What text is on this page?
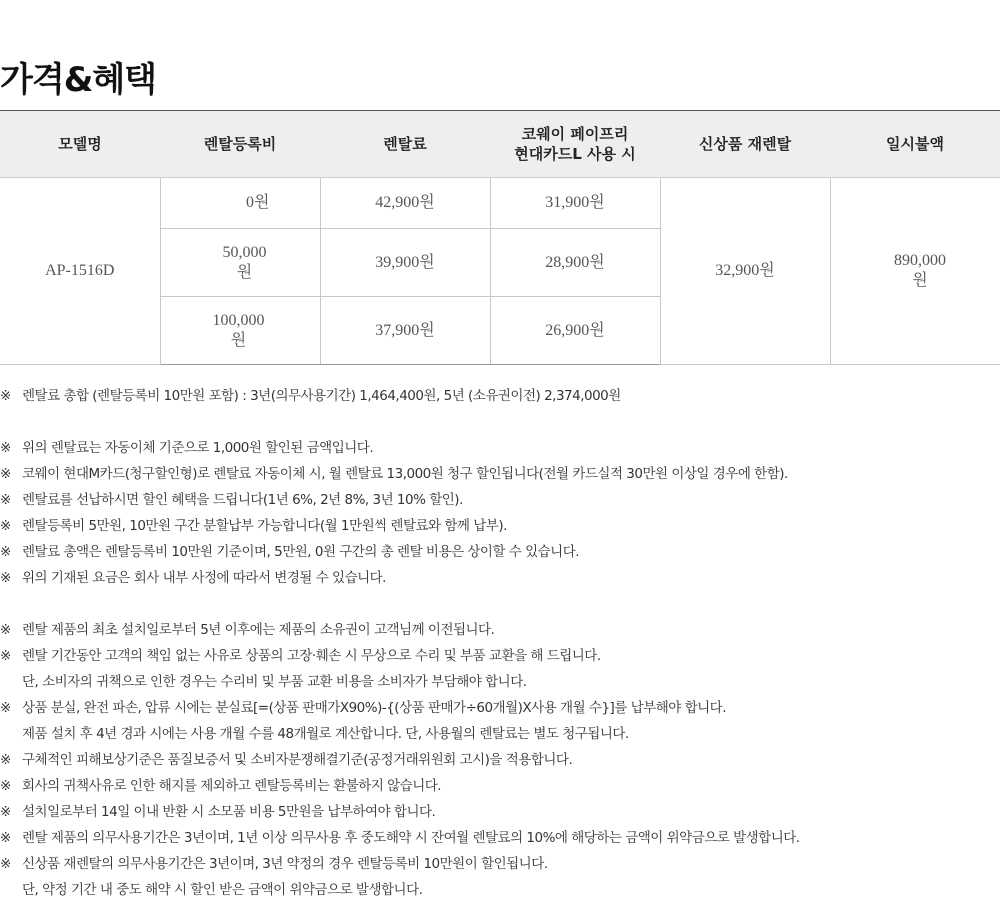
가격&혜택
모델명	렌탈등록비	렌탈료	코웨이 페이프리
현대카드L 사용 시	신상품 재렌탈	일시불액
AP-1516D	0원	42,900원	31,900원	32,900원	890,000원
	50,000원	39,900원	28,900원		
	100,000원	37,900원	26,900원		
※ 렌탈료 총합 (렌탈등록비 10만원 포함) : 3년(의무사용기간) 1,464,400원, 5년 (소유권이전) 2,374,000원
※ 위의 렌탈료는 자동이체 기준으로 1,000원 할인된 금액입니다.
※ 코웨이 현대M카드(청구할인형)로 렌탈료 자동이체 시, 월 렌탈료 13,000원 청구 할인됩니다(전월 카드실적 30만원 이상일 경우에 한함).
※ 렌탈료를 선납하시면 할인 혜택을 드립니다(1년 6%, 2년 8%, 3년 10% 할인).
※ 렌탈등록비 5만원, 10만원 구간 분할납부 가능합니다(월 1만원씩 렌탈료와 함께 납부).
※ 렌탈료 총액은 렌탈등록비 10만원 기준이며, 5만원, 0원 구간의 총 렌탈 비용은 상이할 수 있습니다.
※ 위의 기재된 요금은 회사 내부 사정에 따라서 변경될 수 있습니다.
※ 렌탈 제품의 최초 설치일로부터 5년 이후에는 제품의 소유권이 고객님께 이전됩니다.
※ 렌탈 기간동안 고객의 책임 없는 사유로 상품의 고장·훼손 시 무상으로 수리 및 부품 교환을 해 드립니다.
단, 소비자의 귀책으로 인한 경우는 수리비 및 부품 교환 비용을 소비자가 부담해야 합니다.
※ 상품 분실, 완전 파손, 압류 시에는 분실료[=(상품 판매가X90%)-{(상품 판매가÷60개월)X사용 개월 수}]를 납부해야 합니다.
제품 설치 후 4년 경과 시에는 사용 개월 수를 48개월로 계산합니다. 단, 사용월의 렌탈료는 별도 청구됩니다.
※ 구체적인 피해보상기준은 품질보증서 및 소비자분쟁해결기준(공정거래위원회 고시)을 적용합니다.
※ 회사의 귀책사유로 인한 해지를 제외하고 렌탈등록비는 환불하지 않습니다.
※ 설치일로부터 14일 이내 반환 시 소모품 비용 5만원을 납부하여야 합니다.
※ 렌탈 제품의 의무사용기간은 3년이며, 1년 이상 의무사용 후 중도해약 시 잔여월 렌탈료의 10%에 해당하는 금액이 위약금으로 발생합니다.
※ 신상품 재렌탈의 의무사용기간은 3년이며, 3년 약정의 경우 렌탈등록비 10만원이 할인됩니다.
단, 약정 기간 내 중도 해약 시 할인 받은 금액이 위약금으로 발생합니다.
